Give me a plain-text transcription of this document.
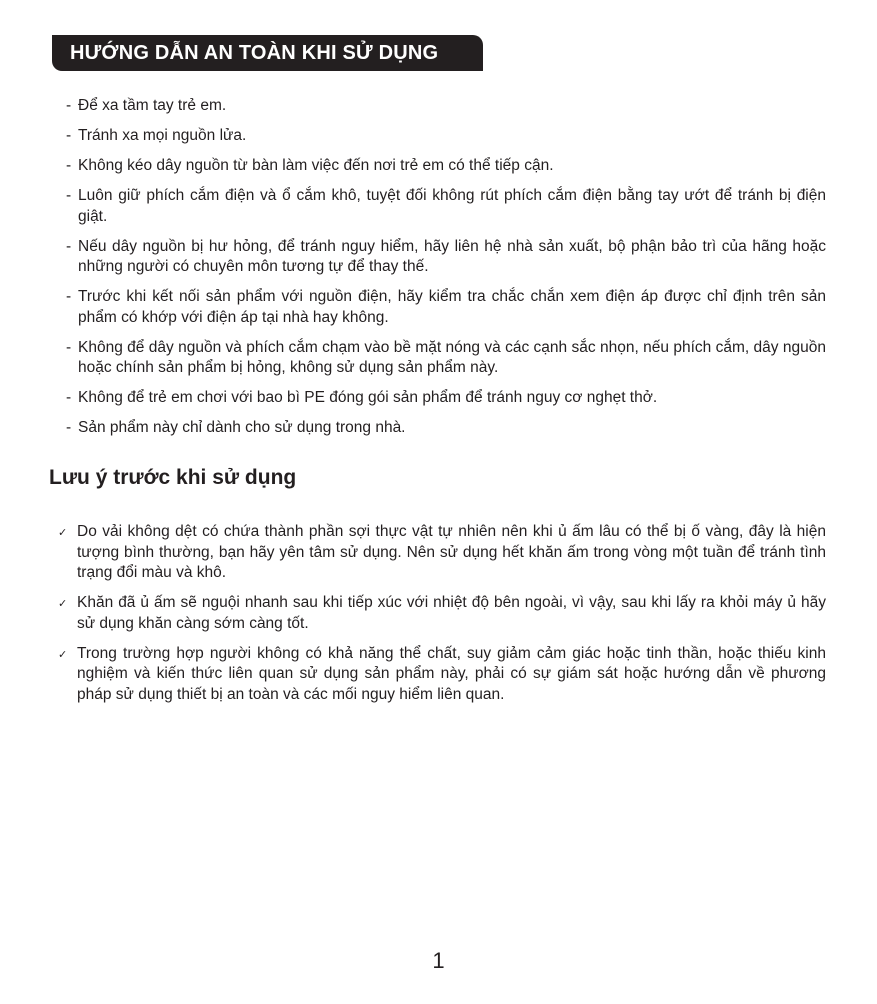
HƯỚNG DẪN AN TOÀN KHI SỬ DỤNG
- Để xa tầm tay trẻ em.
- Tránh xa mọi nguồn lửa.
- Không kéo dây nguồn từ bàn làm việc đến nơi trẻ em có thể tiếp cận.
- Luôn giữ phích cắm điện và ổ cắm khô, tuyệt đối không rút phích cắm điện bằng tay ướt để tránh bị điện giật.
- Nếu dây nguồn bị hư hỏng, để tránh nguy hiểm, hãy liên hệ nhà sản xuất, bộ phận bảo trì của hãng hoặc những người có chuyên môn tương tự để thay thế.
- Trước khi kết nối sản phẩm với nguồn điện, hãy kiểm tra chắc chắn xem điện áp được chỉ định trên sản phẩm có khớp với điện áp tại nhà hay không.
- Không để dây nguồn và phích cắm chạm vào bề mặt nóng và các cạnh sắc nhọn, nếu phích cắm, dây nguồn hoặc chính sản phẩm bị hỏng, không sử dụng sản phẩm này.
- Không để trẻ em chơi với bao bì PE đóng gói sản phẩm để tránh nguy cơ nghẹt thở.
- Sản phẩm này chỉ dành cho sử dụng trong nhà.
Lưu ý trước khi sử dụng
✓ Do vải không dệt có chứa thành phần sợi thực vật tự nhiên nên khi ủ ấm lâu có thể bị ố vàng, đây là hiện tượng bình thường, bạn hãy yên tâm sử dụng. Nên sử dụng hết khăn ấm trong vòng một tuần để tránh tình trạng đổi màu và khô.
✓ Khăn đã ủ ấm sẽ nguội nhanh sau khi tiếp xúc với nhiệt độ bên ngoài, vì vậy, sau khi lấy ra khỏi máy ủ hãy sử dụng khăn càng sớm càng tốt.
✓ Trong trường hợp người không có khả năng thể chất, suy giảm cảm giác hoặc tinh thần, hoặc thiếu kinh nghiệm và kiến thức liên quan sử dụng sản phẩm này, phải có sự giám sát hoặc hướng dẫn về phương pháp sử dụng thiết bị an toàn và các mối nguy hiểm liên quan.
1
